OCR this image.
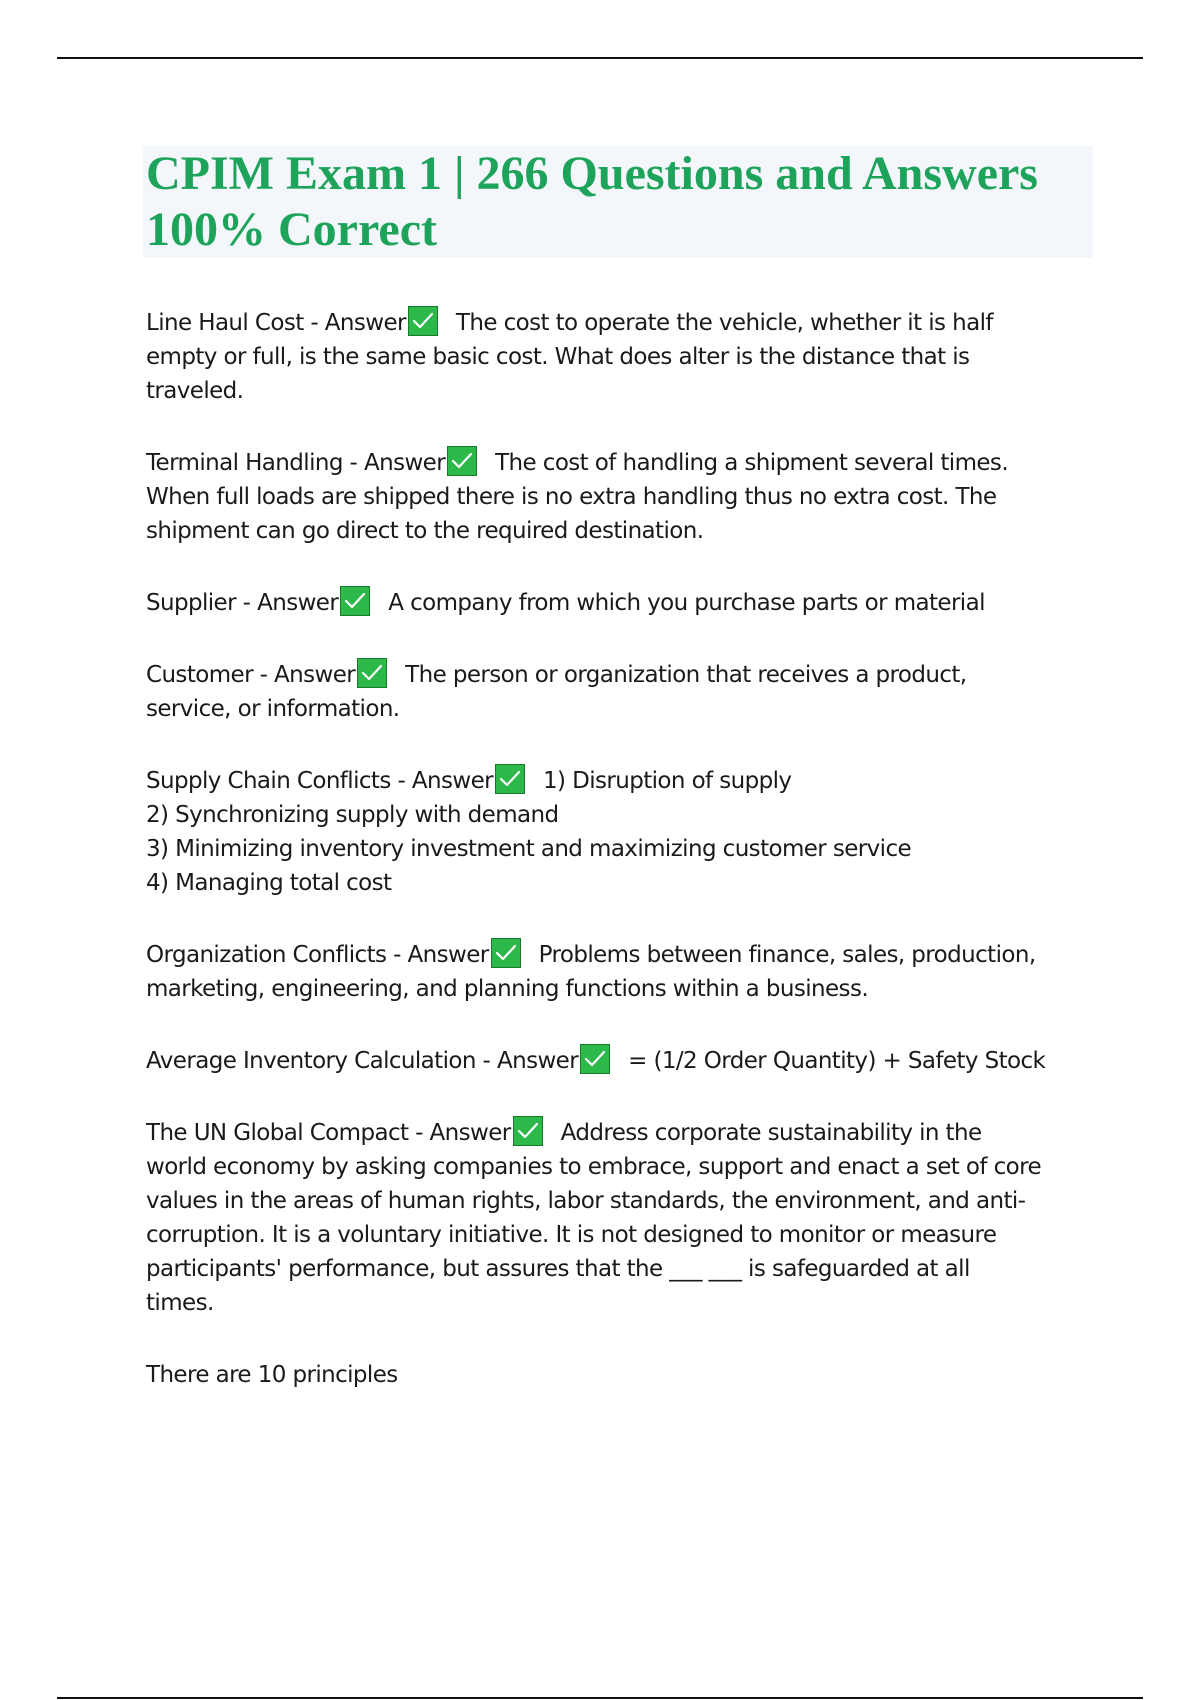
CPIM Exam 1 | 266 Questions and Answers
100% Correct
Line Haul Cost - Answer The cost to operate the vehicle, whether it is half
empty or full, is the same basic cost. What does alter is the distance that is
traveled.
Terminal Handling - Answer The cost of handling a shipment several times.
When full loads are shipped there is no extra handling thus no extra cost. The
shipment can go direct to the required destination.
Supplier - Answer A company from which you purchase parts or material
Customer - Answer The person or organization that receives a product,
service, or information.
Supply Chain Conflicts - Answer 1) Disruption of supply
2) Synchronizing supply with demand
3) Minimizing inventory investment and maximizing customer service
4) Managing total cost
Organization Conflicts - Answer Problems between finance, sales, production,
marketing, engineering, and planning functions within a business.
Average Inventory Calculation - Answer = (1/2 Order Quantity) + Safety Stock
The UN Global Compact - Answer Address corporate sustainability in the
world economy by asking companies to embrace, support and enact a set of core
values in the areas of human rights, labor standards, the environment, and anti-
corruption. It is a voluntary initiative. It is not designed to monitor or measure
participants' performance, but assures that the ___ ___ is safeguarded at all
times.
There are 10 principles
